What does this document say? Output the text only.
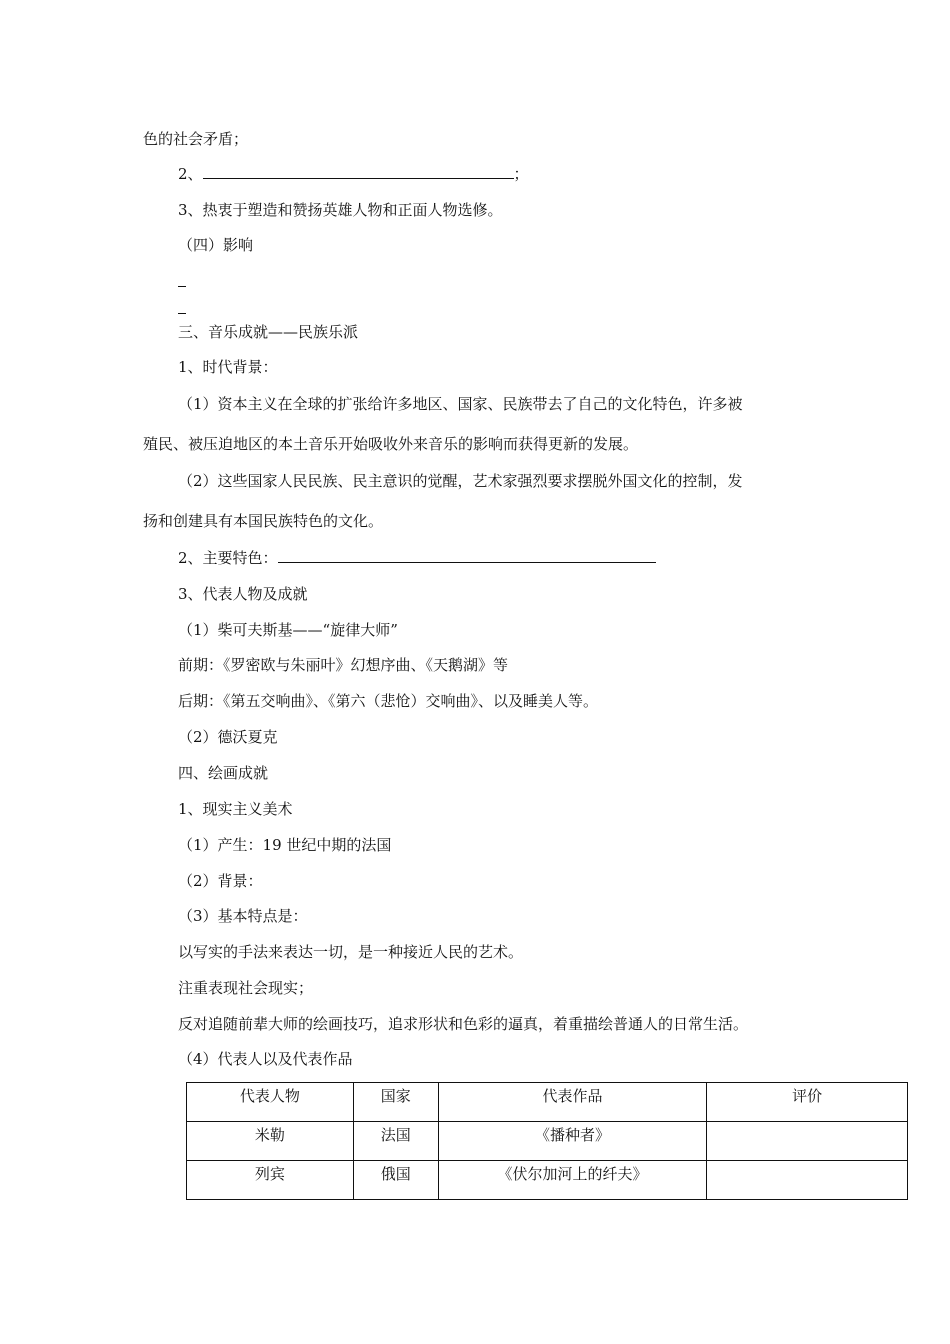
色的社会矛盾；
2、	；
3、热衷于塑造和赞扬英雄人物和正面人物选修。
（四）影响
三、音乐成就——民族乐派
1、时代背景：
（1）资本主义在全球的扩张给许多地区、国家、民族带去了自己的文化特色，许多被
殖民、被压迫地区的本土音乐开始吸收外来音乐的影响而获得更新的发展。
（2）这些国家人民民族、民主意识的觉醒，艺术家强烈要求摆脱外国文化的控制，发
扬和创建具有本国民族特色的文化。
2、主要特色：
3、代表人物及成就
（1）柴可夫斯基——“旋律大师”
前期：《罗密欧与朱丽叶》幻想序曲、《天鹅湖》等
后期：《第五交响曲》、《第六（悲怆）交响曲》、以及睡美人等。
（2）德沃夏克
四、绘画成就
1、现实主义美术
（1）产生：19 世纪中期的法国
（2）背景：
（3）基本特点是：
以写实的手法来表达一切，是一种接近人民的艺术。
注重表现社会现实；
反对追随前辈大师的绘画技巧，追求形状和色彩的逼真，着重描绘普通人的日常生活。
（4）代表人以及代表作品
代表人物	国家	代表作品	评价
米勒	法国	《播种者》	
列宾	俄国	《伏尔加河上的纤夫》	
